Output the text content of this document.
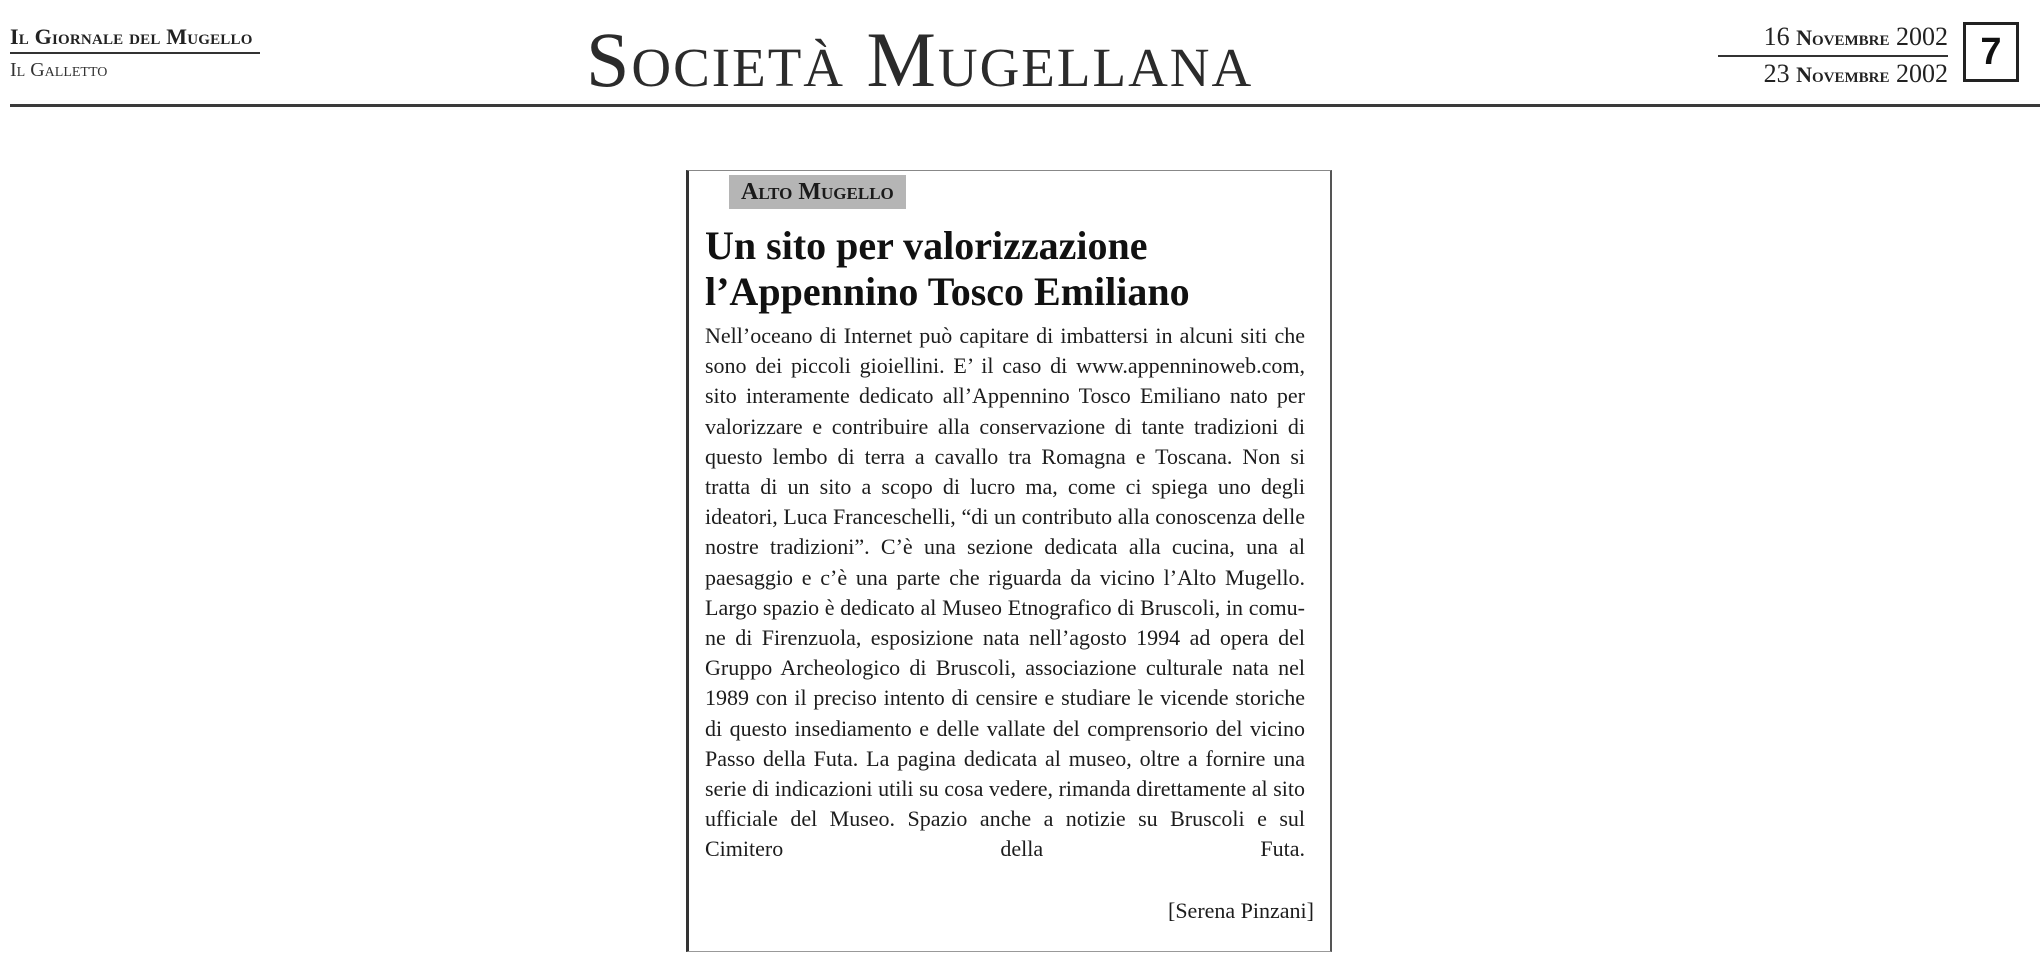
Il Giornale del Mugello
Il Galletto	Società Mugellana	16 Novembre 2002
23 Novembre 2002
7
Alto Mugello
Un sito per valorizzazione l’Appennino Tosco Emiliano

Nell’oceano di Internet può capitare di imbattersi in alcuni siti che sono dei piccoli gioiellini. E’ il caso di www.appenninoweb.com, sito interamente dedicato all’Appennino Tosco Emiliano nato per valorizzare e contribuire alla conservazione di tante tradizioni di questo lembo di terra a cavallo tra Romagna e Toscana. Non si tratta di un sito a scopo di lucro ma, come ci spiega uno degli ideatori, Luca Franceschelli, “di un contributo alla conoscenza delle nostre tradizioni”. C’è una sezione dedicata alla cucina, una al paesaggio e c’è una parte che riguarda da vicino l’Alto Mugello. Largo spazio è dedicato al Museo Etnografico di Bruscoli, in comune di Firenzuola, esposizione nata nell’agosto 1994 ad opera del Gruppo Archeologico di Bruscoli, associazione culturale nata nel 1989 con il preciso intento di censire e studiare le vicende storiche di questo insediamento e delle vallate del comprensorio del vicino Passo della Futa. La pagina dedicata al museo, oltre a fornire una serie di indicazioni utili su cosa vedere, rimanda direttamente al sito ufficiale del Museo. Spazio anche a notizie su Bruscoli e sul Cimitero della Futa.

[Serena Pinzani]
